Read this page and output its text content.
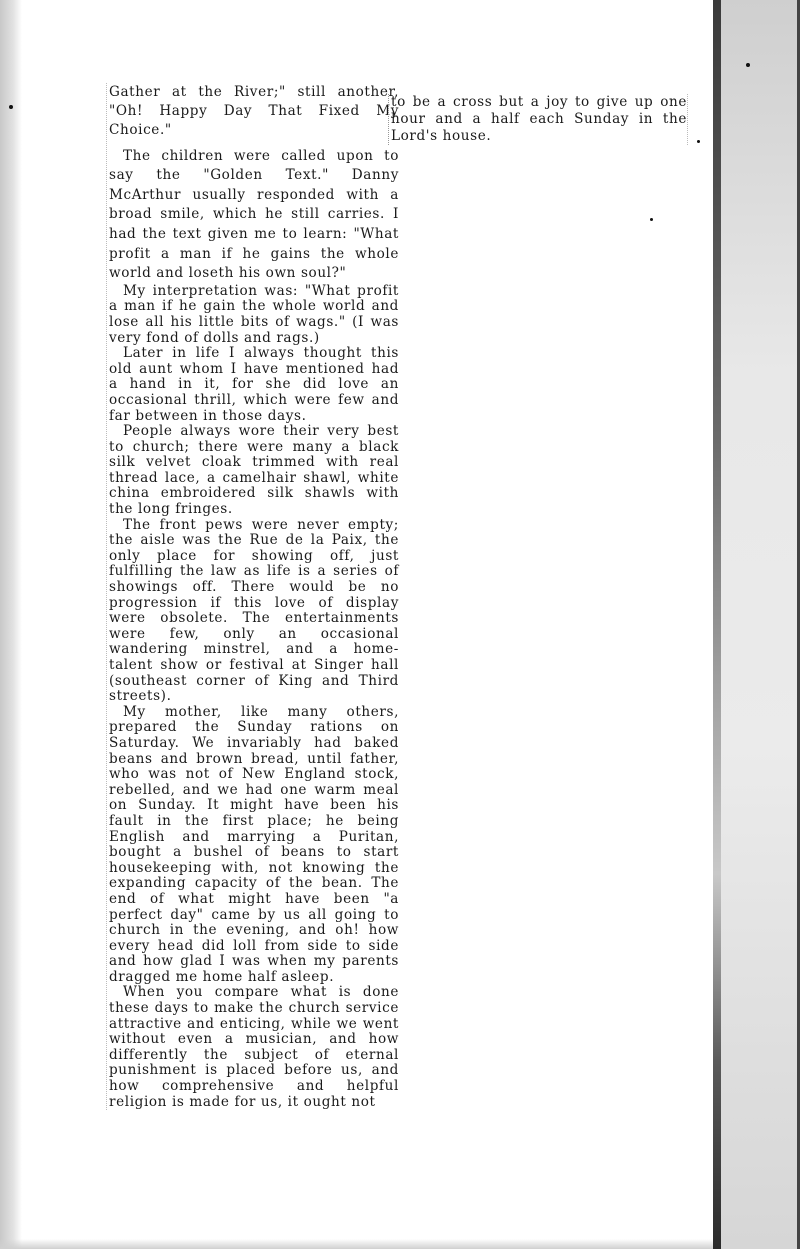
Gather at the River;" still another, "Oh! Happy Day That Fixed My Choice."

The children were called upon to say the "Golden Text." Danny McArthur usually responded with a broad smile, which he still carries. I had the text given me to learn: "What profit a man if he gains the whole world and loseth his own soul?"

My interpretation was: "What profit a man if he gain the whole world and lose all his little bits of wags." (I was very fond of dolls and rags.)

Later in life I always thought this old aunt whom I have mentioned had a hand in it, for she did love an occasional thrill, which were few and far between in those days.

People always wore their very best to church; there were many a black silk velvet cloak trimmed with real thread lace, a camelhair shawl, white china embroidered silk shawls with the long fringes.

The front pews were never empty; the aisle was the Rue de la Paix, the only place for showing off, just fulfilling the law as life is a series of showings off. There would be no progression if this love of display were obsolete. The entertainments were few, only an occasional wandering minstrel, and a home-talent show or festival at Singer hall (southeast corner of King and Third streets).

My mother, like many others, prepared the Sunday rations on Saturday. We invariably had baked beans and brown bread, until father, who was not of New England stock, rebelled, and we had one warm meal on Sunday. It might have been his fault in the first place; he being English and marrying a Puritan, bought a bushel of beans to start housekeeping with, not knowing the expanding capacity of the bean. The end of what might have been "a perfect day" came by us all going to church in the evening, and oh! how every head did loll from side to side and how glad I was when my parents dragged me home half asleep.

When you compare what is done these days to make the church service attractive and enticing, while we went without even a musician, and how differently the subject of eternal punishment is placed before us, and how comprehensive and helpful religion is made for us, it ought not

to be a cross but a joy to give up one hour and a half each Sunday in the Lord's house.
